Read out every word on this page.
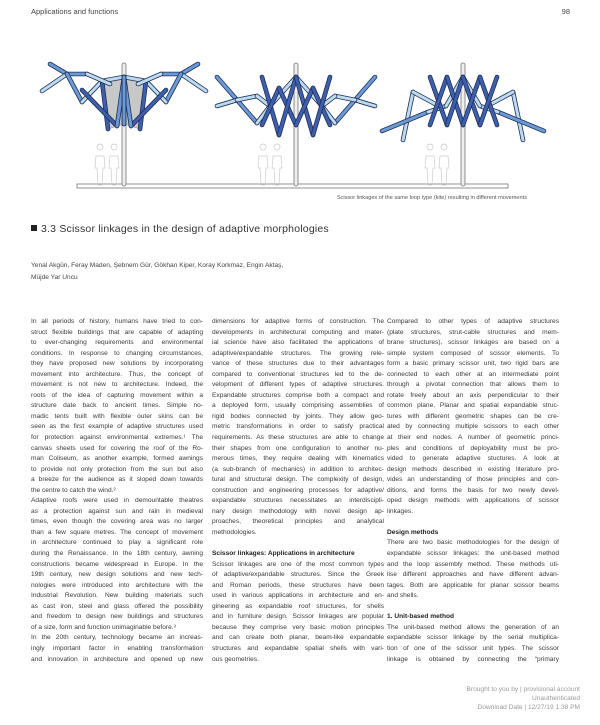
Applications and functions	98
Scissor linkages of the same loop type (kite) resulting in different movements
3.3 Scissor linkages in the design of adaptive morphologies
Yenal Akgün, Feray Maden, Şebnem Gür, Gökhan Kiper, Koray Korkmaz, Engin Aktaş,
Müjde Yar Uncu
In all periods of history, humans have tried to con-
struct flexible buildings that are capable of adapting
to ever-changing requirements and environmental
conditions. In response to changing circumstances,
they have proposed new solutions by incorporating
movement into architecture. Thus, the concept of
movement is not new to architecture. Indeed, the
roots of the idea of capturing movement within a
structure date back to ancient times. Simple no-
madic tents built with flexible outer skins can be
seen as the first example of adaptive structures used
for protection against environmental extremes.¹ The
canvas sheets used for covering the roof of the Ro-
man Coliseum, as another example, formed awnings
to provide not only protection from the sun but also
a breeze for the audience as it sloped down towards
the centre to catch the wind.²
Adaptive roofs were used in demountable theatres
as a protection against sun and rain in medieval
times, even though the covering area was no larger
than a few square metres. The concept of movement
in architecture continued to play a significant role
during the Renaissance. In the 18th century, awning
constructions became widespread in Europe. In the
19th century, new design solutions and new tech-
nologies were introduced into architecture with the
Industrial Revolution. New building materials such
as cast iron, steel and glass offered the possibility
and freedom to design new buildings and structures
of a size, form and function unimaginable before.³
In the 20th century, technology became an increas-
ingly important factor in enabling transformation
and innovation in architecture and opened up new
dimensions for adaptive forms of construction. The
developments in architectural computing and mater-
ial science have also facilitated the applications of
adaptive/expandable structures. The growing rele-
vance of these structures due to their advantages
compared to conventional structures led to the de-
velopment of different types of adaptive structures.
Expandable structures comprise both a compact and
a deployed form, usually comprising assemblies of
rigid bodies connected by joints. They allow geo-
metric transformations in order to satisfy practical
requirements. As these structures are able to change
their shapes from one configuration to another nu-
merous times, they require dealing with kinematics
(a sub-branch of mechanics) in addition to architec-
tural and structural design. The complexity of design,
construction and engineering processes for adaptive/
expandable structures necessitates an interdiscipli-
nary design methodology with novel design ap-
proaches, theoretical principles and analytical
methodologies.
Scissor linkages: Applications in architecture
Scissor linkages are one of the most common types
of adaptive/expandable structures. Since the Greek
and Roman periods, these structures have been
used in various applications in architecture and en-
gineering as expandable roof structures, for shells
and in furniture design. Scissor linkages are popular
because they comprise very basic motion principles
and can create both planar, beam-like expandable
structures and expandable spatial shells with vari-
ous geometries.
Compared to other types of adaptive structures
(plate structures, strut-cable structures and mem-
brane structures), scissor linkages are based on a
simple system composed of scissor elements. To
form a basic primary scissor unit, two rigid bars are
connected to each other at an intermediate point
through a pivotal connection that allows them to
rotate freely about an axis perpendicular to their
common plane. Planar and spatial expandable struc-
tures with different geometric shapes can be cre-
ated by connecting multiple scissors to each other
at their end nodes. A number of geometric princi-
ples and conditions of deployability must be pro-
vided to generate adaptive stuctures. A look at
design methods described in existing literature pro-
vides an understanding of those principles and con-
ditions, and forms the basis for two newly devel-
oped design methods with applications of scissor
linkages.
Design methods
There are two basic methodologies for the design of
expandable scissor linkages: the unit-based method
and the loop assembly method. These methods uti-
lise different approaches and have different advan-
tages. Both are applicable for planar scissor beams
and shells.
1. Unit-based method
The unit-based method allows the generation of an
expandable scissor linkage by the serial multiplica-
tion of one of the scissor unit types. The scissor
linkage is obtained by connecting the “primary
Brought to you by | provisional account
Unauthenticated
Download Date | 12/27/19 1:38 PM
